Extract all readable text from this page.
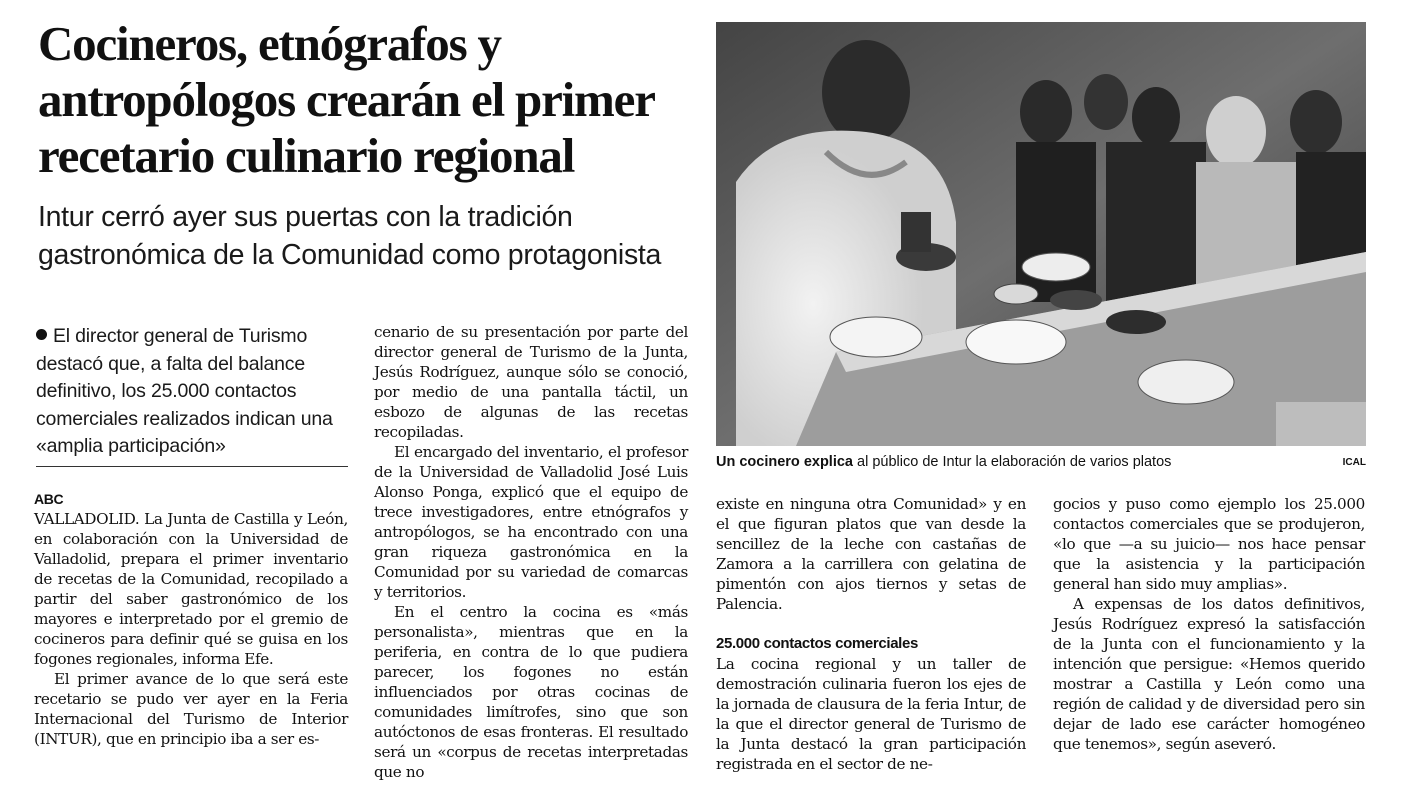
Cocineros, etnógrafos y antropólogos crearán el primer recetario culinario regional
Intur cerró ayer sus puertas con la tradición gastronómica de la Comunidad como protagonista
Un cocinero explica al público de Intur la elaboración de varios platos	ICAL
El director general de Turismo destacó que, a falta del balance definitivo, los 25.000 contactos comerciales realizados indican una «amplia participación»
ABC

VALLADOLID. La Junta de Castilla y León, en colaboración con la Universidad de Valladolid, prepara el primer inventario de recetas de la Comunidad, recopilado a partir del saber gastronómico de los mayores e interpretado por el gremio de cocineros para definir qué se guisa en los fogones regionales, informa Efe.

El primer avance de lo que será este recetario se pudo ver ayer en la Feria Internacional del Turismo de Interior (INTUR), que en principio iba a ser es-

cenario de su presentación por parte del director general de Turismo de la Junta, Jesús Rodríguez, aunque sólo se conoció, por medio de una pantalla táctil, un esbozo de algunas de las recetas recopiladas.

El encargado del inventario, el profesor de la Universidad de Valladolid José Luis Alonso Ponga, explicó que el equipo de trece investigadores, entre etnógrafos y antropólogos, se ha encontrado con una gran riqueza gastronómica en la Comunidad por su variedad de comarcas y territorios.

En el centro la cocina es «más personalista», mientras que en la periferia, en contra de lo que pudiera parecer, los fogones no están influenciados por otras cocinas de comunidades limítrofes, sino que son autóctonos de esas fronteras. El resultado será un «corpus de recetas interpretadas que no

existe en ninguna otra Comunidad» y en el que figuran platos que van desde la sencillez de la leche con castañas de Zamora a la carrillera con gelatina de pimentón con ajos tiernos y setas de Palencia.

25.000 contactos comerciales

La cocina regional y un taller de demostración culinaria fueron los ejes de la jornada de clausura de la feria Intur, de la que el director general de Turismo de la Junta destacó la gran participación registrada en el sector de ne-

gocios y puso como ejemplo los 25.000 contactos comerciales que se produjeron, «lo que —a su juicio— nos hace pensar que la asistencia y la participación general han sido muy amplias».

A expensas de los datos definitivos, Jesús Rodríguez expresó la satisfacción de la Junta con el funcionamiento y la intención que persigue: «Hemos querido mostrar a Castilla y León como una región de calidad y de diversidad pero sin dejar de lado ese carácter homogéneo que tenemos», según aseveró.
